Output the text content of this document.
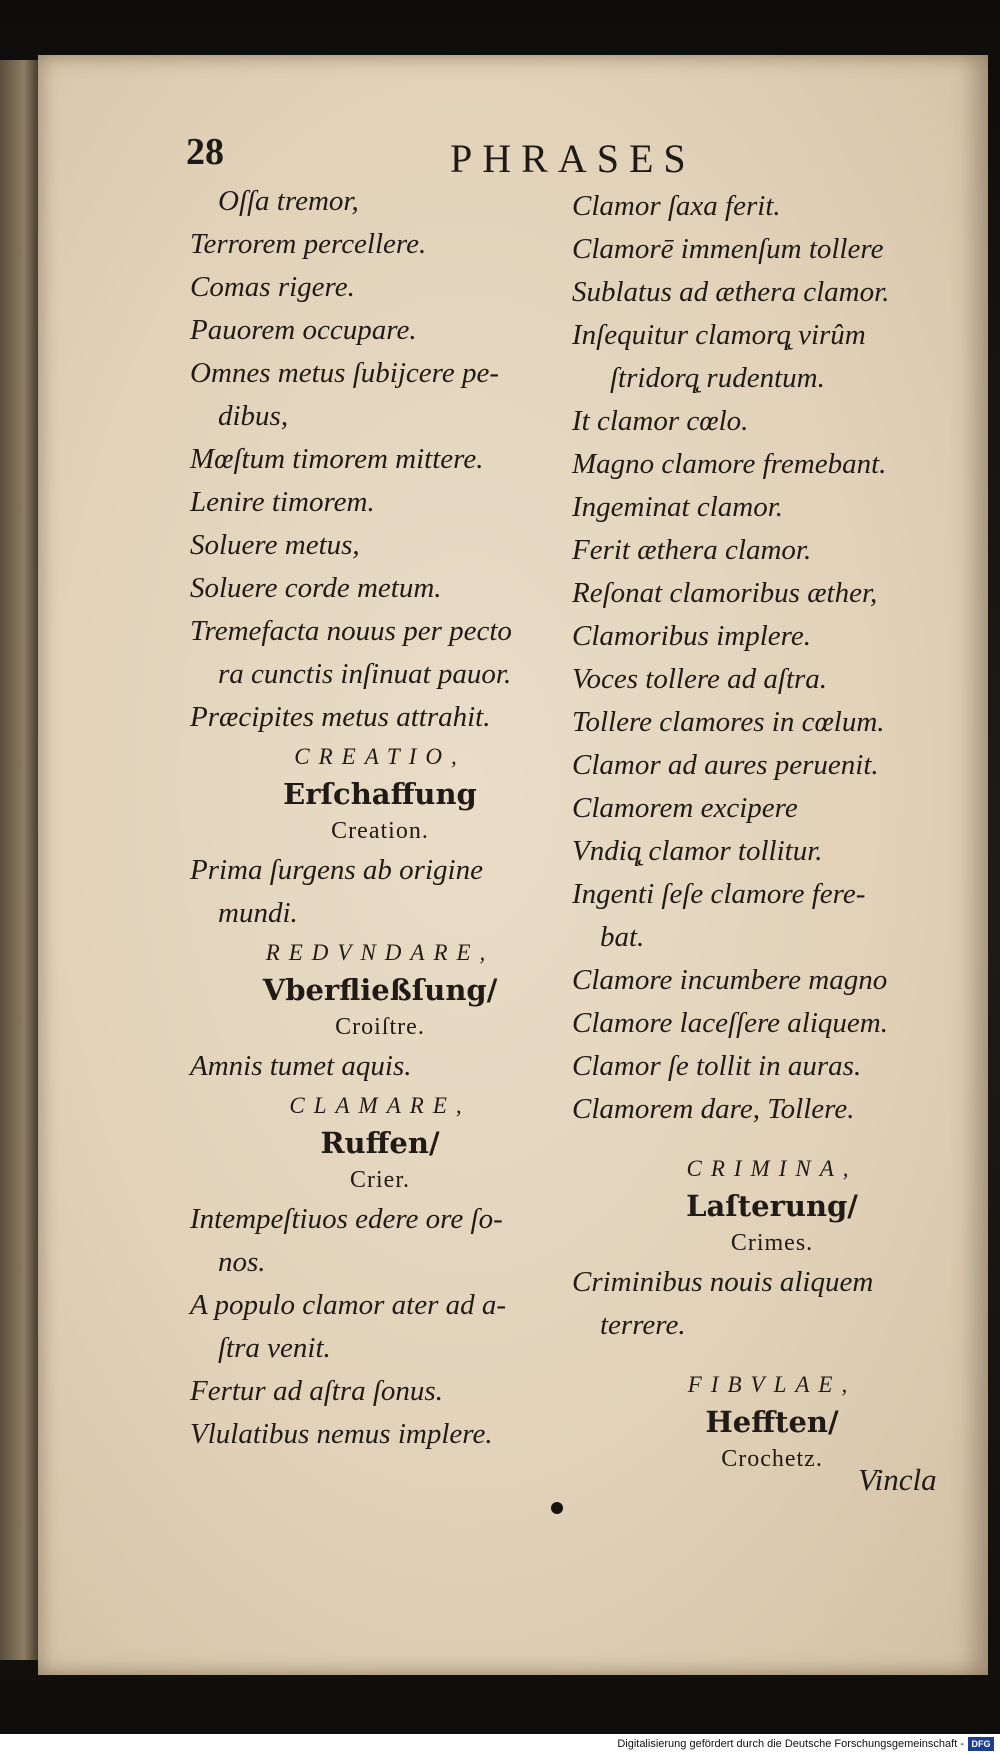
28	PHRASES
Oſſa tremor,
Terrorem percellere.
Comas rigere.
Pauorem occupare.
Omnes metus ſubijcere pe-
dibus,
Mœſtum timorem mittere.
Lenire timorem.
Soluere metus,
Soluere corde metum.
Tremefacta nouus per pecto
ra cunctis inſinuat pauor.
Præcipites metus attrahit.
CREATIO,
Erſchaffung
Creation.
Prima ſurgens ab origine
mundi.
REDVNDARE,
Vberfließſung/
Croiſtre.
Amnis tumet aquis.
CLAMARE,
Ruffen/
Crier.
Intempeſtiuos edere ore ſo-
nos.
A populo clamor ater ad a-
ſtra venit.
Fertur ad aſtra ſonus.
Vlulatibus nemus implere.
Clamor ſaxa ferit.
Clamorē immenſum tollere
Sublatus ad æthera clamor.
Inſequitur clamorq̨ virûm
ſtridorq̨ rudentum.
It clamor cœlo.
Magno clamore fremebant.
Ingeminat clamor.
Ferit æthera clamor.
Reſonat clamoribus æther,
Clamoribus implere.
Voces tollere ad aſtra.
Tollere clamores in cœlum.
Clamor ad aures peruenit.
Clamorem excipere
Vndiq̨ clamor tollitur.
Ingenti ſeſe clamore fere-
bat.
Clamore incumbere magno
Clamore laceſſere aliquem.
Clamor ſe tollit in auras.
Clamorem dare, Tollere.
CRIMINA,
Laſterung/
Crimes.
Criminibus nouis aliquem
terrere.
FIBVLAE,
Hefften/
Crochetz.
Vincla
Digitalisierung gefördert durch die Deutsche Forschungsgemeinschaft - DFG
